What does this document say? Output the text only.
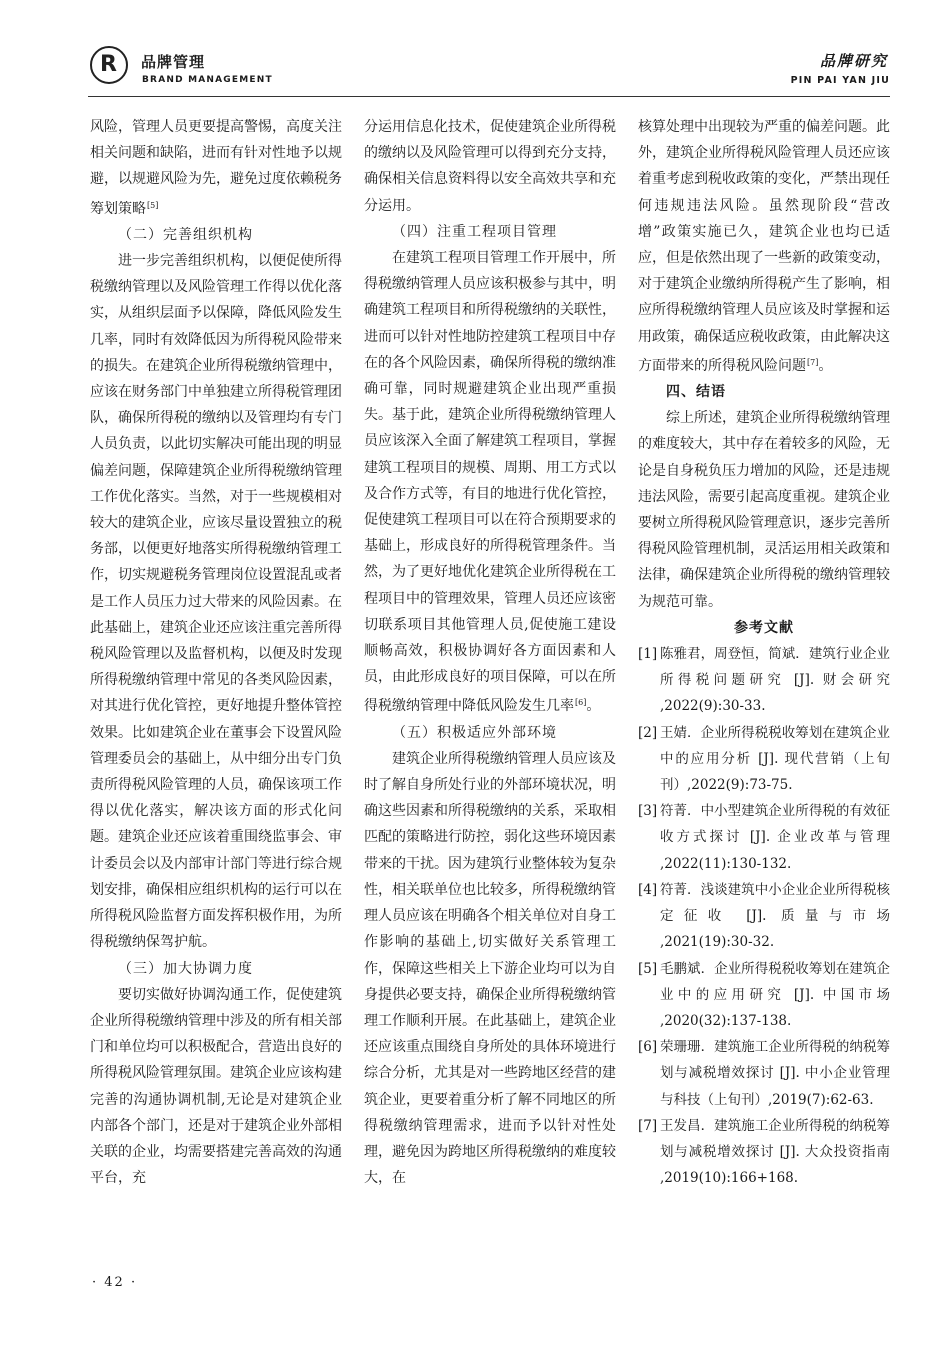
R	品牌管理
BRAND MANAGEMENT
品牌研究
PIN PAI YAN JIU

风险，管理人员更要提高警惕，高度关注相关问题和缺陷，进而有针对性地予以规避，以规避风险为先，避免过度依赖税务筹划策略[5]

（二）完善组织机构

进一步完善组织机构，以便促使所得税缴纳管理以及风险管理工作得以优化落实，从组织层面予以保障，降低风险发生几率，同时有效降低因为所得税风险带来的损失。在建筑企业所得税缴纳管理中，应该在财务部门中单独建立所得税管理团队，确保所得税的缴纳以及管理均有专门人员负责，以此切实解决可能出现的明显偏差问题，保障建筑企业所得税缴纳管理工作优化落实。当然，对于一些规模相对较大的建筑企业，应该尽量设置独立的税务部，以便更好地落实所得税缴纳管理工作，切实规避税务管理岗位设置混乱或者是工作人员压力过大带来的风险因素。在此基础上，建筑企业还应该注重完善所得税风险管理以及监督机构，以便及时发现所得税缴纳管理中常见的各类风险因素，对其进行优化管控，更好地提升整体管控效果。比如建筑企业在董事会下设置风险管理委员会的基础上，从中细分出专门负责所得税风险管理的人员，确保该项工作得以优化落实，解决该方面的形式化问题。建筑企业还应该着重围绕监事会、审计委员会以及内部审计部门等进行综合规划安排，确保相应组织机构的运行可以在所得税风险监督方面发挥积极作用，为所得税缴纳保驾护航。

（三）加大协调力度

要切实做好协调沟通工作，促使建筑企业所得税缴纳管理中涉及的所有相关部门和单位均可以积极配合，营造出良好的所得税风险管理氛围。建筑企业应该构建完善的沟通协调机制,无论是对建筑企业内部各个部门，还是对于建筑企业外部相关联的企业，均需要搭建完善高效的沟通平台，充

分运用信息化技术，促使建筑企业所得税的缴纳以及风险管理可以得到充分支持，确保相关信息资料得以安全高效共享和充分运用。

（四）注重工程项目管理

在建筑工程项目管理工作开展中，所得税缴纳管理人员应该积极参与其中，明确建筑工程项目和所得税缴纳的关联性，进而可以针对性地防控建筑工程项目中存在的各个风险因素，确保所得税的缴纳准确可靠，同时规避建筑企业出现严重损失。基于此，建筑企业所得税缴纳管理人员应该深入全面了解建筑工程项目，掌握建筑工程项目的规模、周期、用工方式以及合作方式等，有目的地进行优化管控，促使建筑工程项目可以在符合预期要求的基础上，形成良好的所得税管理条件。当然，为了更好地优化建筑企业所得税在工程项目中的管理效果，管理人员还应该密切联系项目其他管理人员,促使施工建设顺畅高效，积极协调好各方面因素和人员，由此形成良好的项目保障，可以在所得税缴纳管理中降低风险发生几率[6]。

（五）积极适应外部环境

建筑企业所得税缴纳管理人员应该及时了解自身所处行业的外部环境状况，明确这些因素和所得税缴纳的关系，采取相匹配的策略进行防控，弱化这些环境因素带来的干扰。因为建筑行业整体较为复杂性，相关联单位也比较多，所得税缴纳管理人员应该在明确各个相关单位对自身工作影响的基础上,切实做好关系管理工作，保障这些相关上下游企业均可以为自身提供必要支持，确保企业所得税缴纳管理工作顺利开展。在此基础上，建筑企业还应该重点围绕自身所处的具体环境进行综合分析，尤其是对一些跨地区经营的建筑企业，更要着重分析了解不同地区的所得税缴纳管理需求，进而予以针对性处理，避免因为跨地区所得税缴纳的难度较大，在

核算处理中出现较为严重的偏差问题。此外，建筑企业所得税风险管理人员还应该着重考虑到税收政策的变化，严禁出现任何违规违法风险。虽然现阶段“营改增”政策实施已久，建筑企业也均已适应，但是依然出现了一些新的政策变动，对于建筑企业缴纳所得税产生了影响，相应所得税缴纳管理人员应该及时掌握和运用政策，确保适应税收政策，由此解决这方面带来的所得税风险问题[7]。

四、结语

综上所述，建筑企业所得税缴纳管理的难度较大，其中存在着较多的风险，无论是自身税负压力增加的风险，还是违规违法风险，需要引起高度重视。建筑企业要树立所得税风险管理意识，逐步完善所得税风险管理机制，灵活运用相关政策和法律，确保建筑企业所得税的缴纳管理较为规范可靠。

参考文献

[1] 陈雅君，周登恒，简斌．建筑行业企业所得税问题研究 [J]. 财会研究 ,2022(9):30-33.
[2] 王婧．企业所得税税收筹划在建筑企业中的应用分析 [J]. 现代营销（上旬刊）,2022(9):73-75.
[3] 符菁．中小型建筑企业所得税的有效征收方式探讨 [J]. 企业改革与管理 ,2022(11):130-132.
[4] 符菁．浅谈建筑中小企业企业所得税核定征收 [J]. 质量与市场 ,2021(19):30-32.
[5] 毛鹏斌．企业所得税税收筹划在建筑企业中的应用研究 [J]. 中国市场 ,2020(32):137-138.
[6] 荣珊珊．建筑施工企业所得税的纳税筹划与减税增效探讨 [J]. 中小企业管理与科技（上旬刊）,2019(7):62-63.
[7] 王发昌．建筑施工企业所得税的纳税筹划与减税增效探讨 [J]. 大众投资指南 ,2019(10):166+168.
· 42 ·
